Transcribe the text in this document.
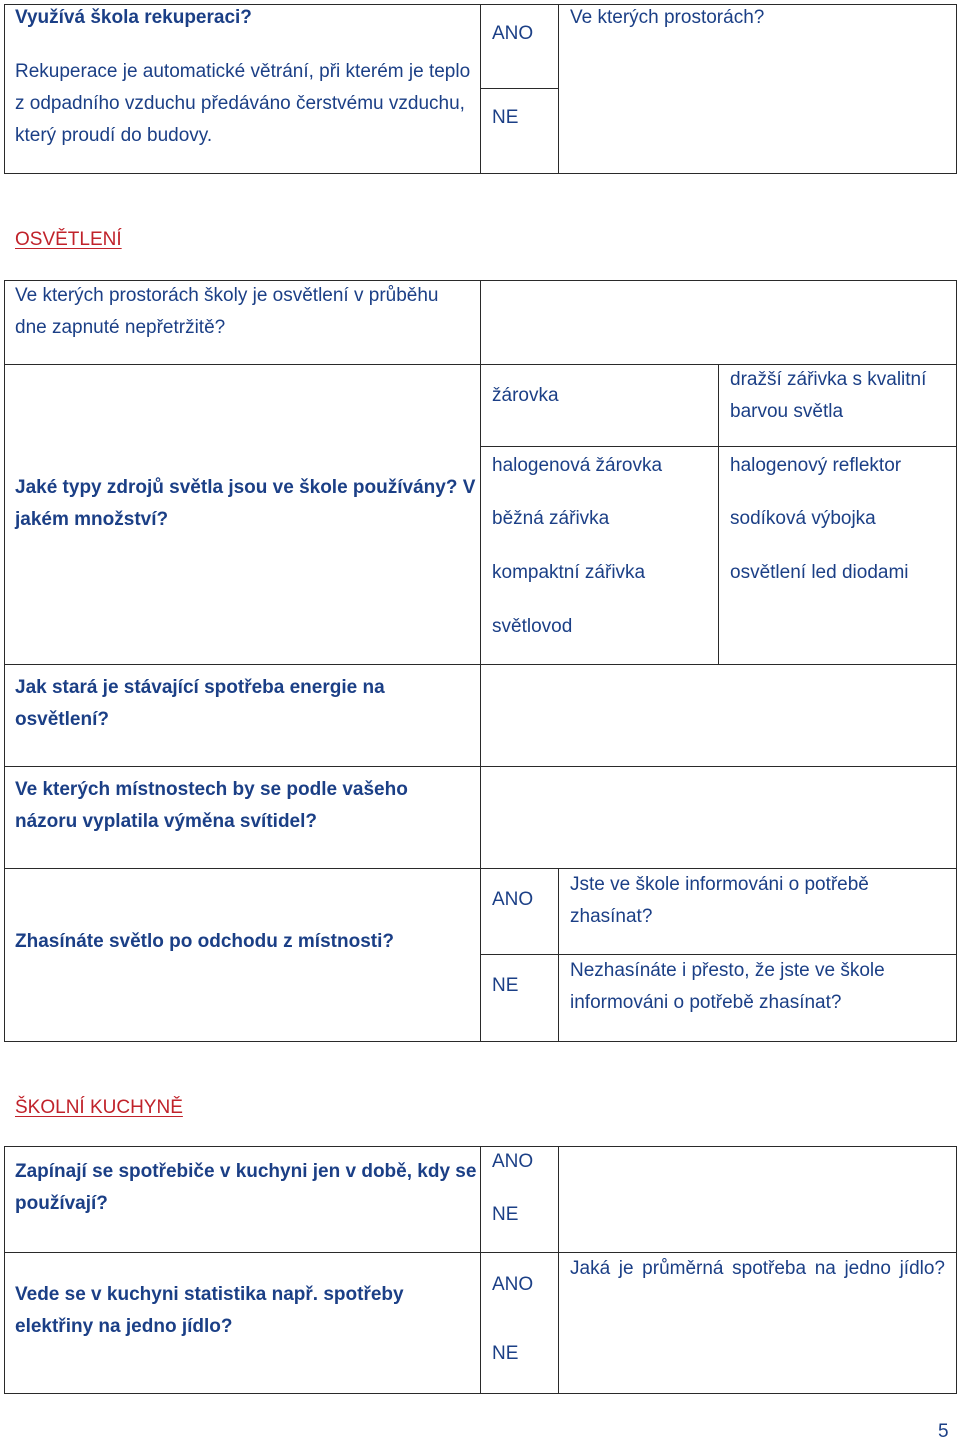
Využívá škola rekuperaci?
Rekuperace je automatické větrání, při kterém je teplo z odpadního vzduchu předáváno čerstvému vzduchu, který proudí do budovy.
ANO
NE
Ve kterých prostorách?
OSVĚTLENÍ
Ve kterých prostorách školy je osvětlení v průběhu dne zapnuté nepřetržitě?
Jaké typy zdrojů světla jsou ve škole používány? V jakém množství?
žárovka
halogenová žárovka
běžná zářivka
kompaktní zářivka
světlovod
dražší zářivka s kvalitní barvou světla
halogenový reflektor
sodíková výbojka
osvětlení led diodami
Jak stará je stávající spotřeba energie na osvětlení?
Ve kterých místnostech by se podle vašeho názoru vyplatila výměna svítidel?
Zhasínáte světlo po odchodu z místnosti?
ANO
NE
Jste ve škole informováni o potřebě zhasínat?
Nezhasínáte i přesto, že jste ve škole informováni o potřebě zhasínat?
ŠKOLNÍ KUCHYNĚ
Zapínají se spotřebiče v kuchyni jen v době, kdy se používají?
ANO
NE
Vede se v kuchyni statistika např. spotřeby elektřiny na jedno jídlo?
ANO
NE
Jaká je průměrná spotřeba na jedno jídlo?
5
